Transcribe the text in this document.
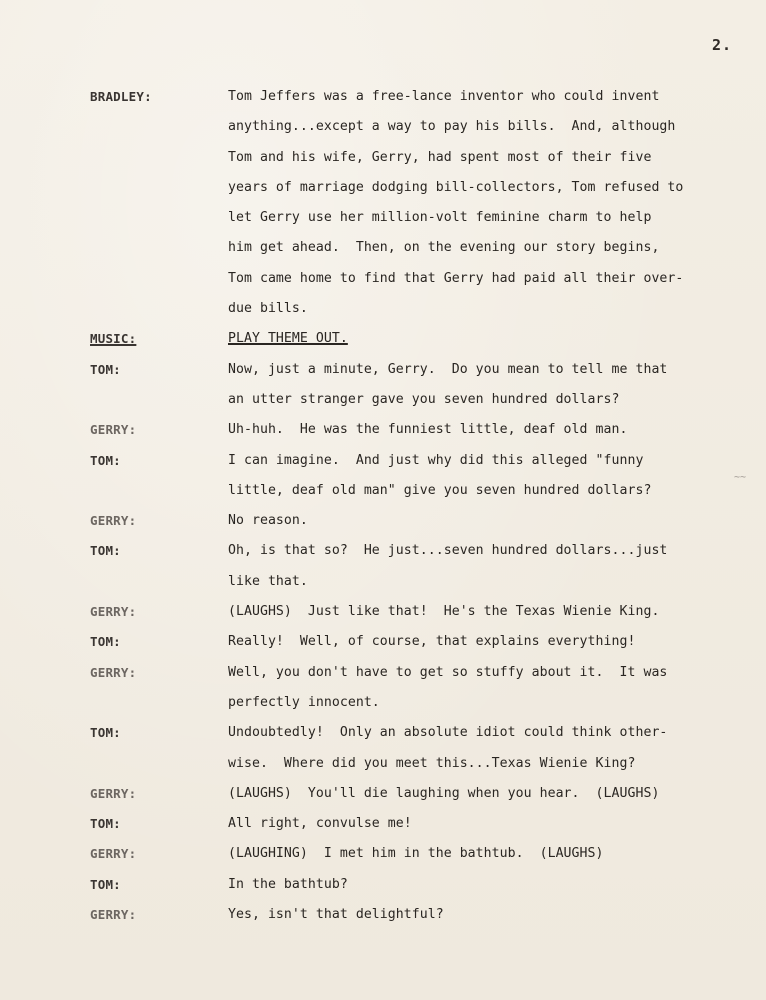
2.
BRADLEY:	Tom Jeffers was a free-lance inventor who could invent
anything...except a way to pay his bills.  And, although
Tom and his wife, Gerry, had spent most of their five
years of marriage dodging bill-collectors, Tom refused to
let Gerry use her million-volt feminine charm to help
him get ahead.  Then, on the evening our story begins,
Tom came home to find that Gerry had paid all their over-
due bills.
MUSIC:	PLAY THEME OUT.
TOM:	Now, just a minute, Gerry.  Do you mean to tell me that
an utter stranger gave you seven hundred dollars?
GERRY:	Uh-huh.  He was the funniest little, deaf old man.
TOM:	I can imagine.  And just why did this alleged "funny
little, deaf old man" give you seven hundred dollars?
GERRY:	No reason.
TOM:	Oh, is that so?  He just...seven hundred dollars...just
like that.
GERRY:	(LAUGHS)  Just like that!  He's the Texas Wienie King.
TOM:	Really!  Well, of course, that explains everything!
GERRY:	Well, you don't have to get so stuffy about it.  It was
perfectly innocent.
TOM:	Undoubtedly!  Only an absolute idiot could think other-
wise.  Where did you meet this...Texas Wienie King?
GERRY:	(LAUGHS)  You'll die laughing when you hear.  (LAUGHS)
TOM:	All right, convulse me!
GERRY:	(LAUGHING)  I met him in the bathtub.  (LAUGHS)
TOM:	In the bathtub?
GERRY:	Yes, isn't that delightful?
~~
